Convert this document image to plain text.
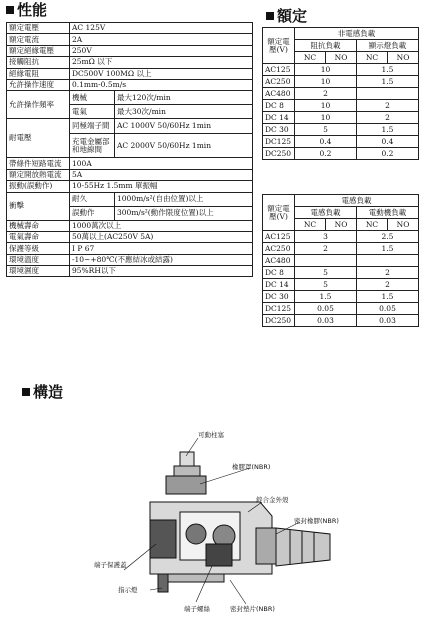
性能	額定
構造
額定電壓	AC 125V	
額定電流	2A	
額定絕緣電壓	250V	
接觸阻抗	25mΩ 以下	
絕緣電阻	DC500V 100MΩ 以上	
允許操作速度	0.1mm-0.5m/s	
允許操作頻率	機械	最大120次/min
	電氣	最大30次/min
耐電壓	同極端子間	AC 1000V 50/60Hz 1min
	充電金屬部和地線間	AC 2000V 50/60Hz 1min
帶條件短路電流	100A	
額定開放熱電流	5A	
振動(誤動作)	10-55Hz 1.5mm 單振幅	
衝擊	耐久	1000m/s²(自由位置)以上
	誤動作	300m/s²(動作限度位置)以上
機械壽命	1000萬次以上	
電氣壽命	50萬以上(AC250V 5A)	
保護等級	I P 67	
環境溫度	-10~+80℃(不應結冰或結露)	
環境濕度	95%RH以下	
額定電壓(V)	非電感負載			
	阻抗負載		顯示燈負載	
	NC	NO	NC	NO
AC125	10		1.5	
AC250	10		1.5	
AC480	2			
DC 8	10		2	
DC 14	10		2	
DC 30	5		1.5	
DC125	0.4		0.4	
DC250	0.2		0.2	
額定電壓(V)	電感負載			
	電感負載		電動機負載	
	NC	NO	NC	NO
AC125	3		2.5	
AC250	2		1.5	
AC480				
DC 8	5		2	
DC 14	5		2	
DC 30	1.5		1.5	
DC125	0.05		0.05	
DC250	0.03		0.03	
可動柱塞
橡膠罩(NBR)
鋅合金外殼
密封橡膠(NBR)
端子保護蓋
指示燈
端子螺絲	密封墊片(NBR)
